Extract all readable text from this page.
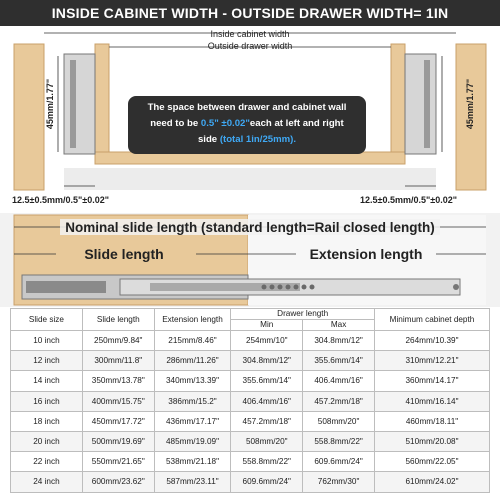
INSIDE CABINET WIDTH - OUTSIDE DRAWER WIDTH= 1IN
Inside cabinet width
Outside drawer width
45mm/1.77"	45mm/1.77"
12.5±0.5mm/0.5"±0.02"	12.5±0.5mm/0.5"±0.02"
The space between drawer and cabinet wall
need to be 0.5" ±0.02"each at left and right
side (total 1in/25mm).
Nominal slide length (standard length=Rail closed length)
Slide length	Extension length
Slide size	Slide length	Extension length	Drawer length		Minimum cabinet depth
			Min	Max	
10 inch	250mm/9.84"	215mm/8.46"	254mm/10"	304.8mm/12"	264mm/10.39"
12 inch	300mm/11.8"	286mm/11.26"	304.8mm/12"	355.6mm/14"	310mm/12.21"
14 inch	350mm/13.78"	340mm/13.39"	355.6mm/14"	406.4mm/16"	360mm/14.17"
16 inch	400mm/15.75"	386mm/15.2"	406.4mm/16"	457.2mm/18"	410mm/16.14"
18 inch	450mm/17.72"	436mm/17.17"	457.2mm/18"	508mm/20"	460mm/18.11"
20 inch	500mm/19.69"	485mm/19.09"	508mm/20"	558.8mm/22"	510mm/20.08"
22 inch	550mm/21.65"	538mm/21.18"	558.8mm/22"	609.6mm/24"	560mm/22.05"
24 inch	600mm/23.62"	587mm/23.11"	609.6mm/24"	762mm/30"	610mm/24.02"
